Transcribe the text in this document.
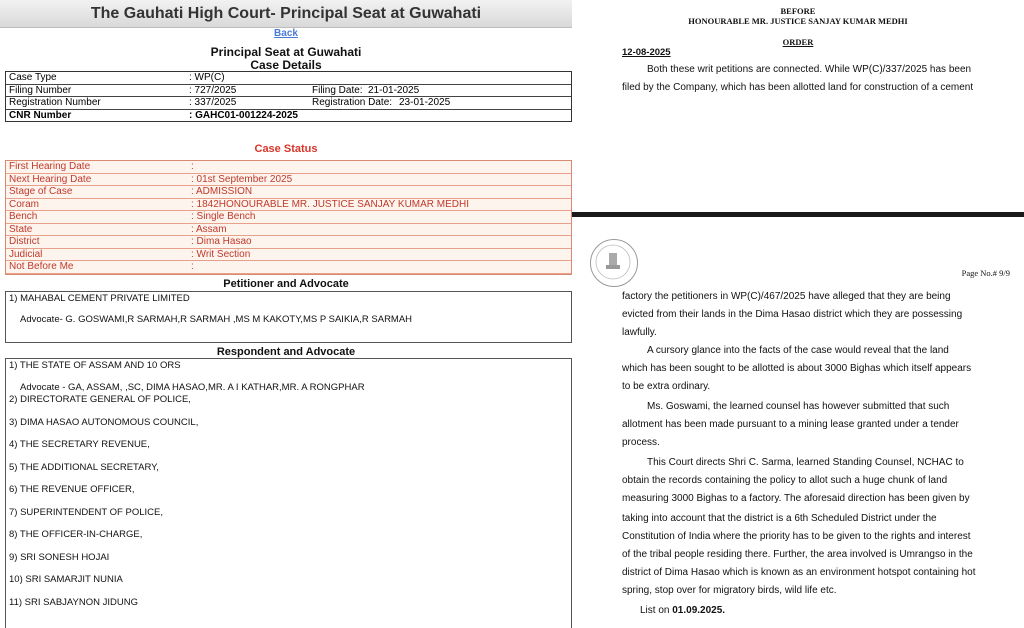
The Gauhati High Court- Principal Seat at Guwahati
Back
Principal Seat at Guwahati
Case Details
Case Type	: WP(C)
Filing Number	: 727/2025	Filing Date: 21-01-2025
Registration Number	: 337/2025	Registration Date: 23-01-2025
CNR Number	: GAHC01-001224-2025
Case Status
First Hearing Date	:
Next Hearing Date	: 01st September 2025
Stage of Case	: ADMISSION
Coram	: 1842HONOURABLE MR. JUSTICE SANJAY KUMAR MEDHI
Bench	: Single Bench
State	: Assam
District	: Dima Hasao
Judicial	: Writ Section
Not Before Me	:
Petitioner and Advocate
1) MAHABAL CEMENT PRIVATE LIMITED
Advocate- G. GOSWAMI,R SARMAH,R SARMAH ,MS M KAKOTY,MS P SAIKIA,R SARMAH
Respondent and Advocate
1) THE STATE OF ASSAM AND 10 ORS
Advocate - GA, ASSAM, ,SC, DIMA HASAO,MR. A I KATHAR,MR. A RONGPHAR
2) DIRECTORATE GENERAL OF POLICE,
3) DIMA HASAO AUTONOMOUS COUNCIL,
4) THE SECRETARY REVENUE,
5) THE ADDITIONAL SECRETARY,
6) THE REVENUE OFFICER,
7) SUPERINTENDENT OF POLICE,
8) THE OFFICER-IN-CHARGE,
9) SRI SONESH HOJAI
10) SRI SAMARJIT NUNIA
11) SRI SABJAYNON JIDUNG
BEFORE
HONOURABLE MR. JUSTICE SANJAY KUMAR MEDHI
ORDER
12-08-2025
Both these writ petitions are connected. While WP(C)/337/2025 has been
filed by the Company, which has been allotted land for construction of a cement
Page No.# 9/9
factory the petitioners in WP(C)/467/2025 have alleged that they are being
evicted from their lands in the Dima Hasao district which they are possessing
lawfully.
A cursory glance into the facts of the case would reveal that the land
which has been sought to be allotted is about 3000 Bighas which itself appears
to be extra ordinary.
Ms. Goswami, the learned counsel has however submitted that such
allotment has been made pursuant to a mining lease granted under a tender
process.
This Court directs Shri C. Sarma, learned Standing Counsel, NCHAC to
obtain the records containing the policy to allot such a huge chunk of land
measuring 3000 Bighas to a factory. The aforesaid direction has been given by
taking into account that the district is a 6th Scheduled District under the
Constitution of India where the priority has to be given to the rights and interest
of the tribal people residing there. Further, the area involved is Umrangso in the
district of Dima Hasao which is known as an environment hotspot containing hot
spring, stop over for migratory birds, wild life etc.
List on 01.09.2025.
